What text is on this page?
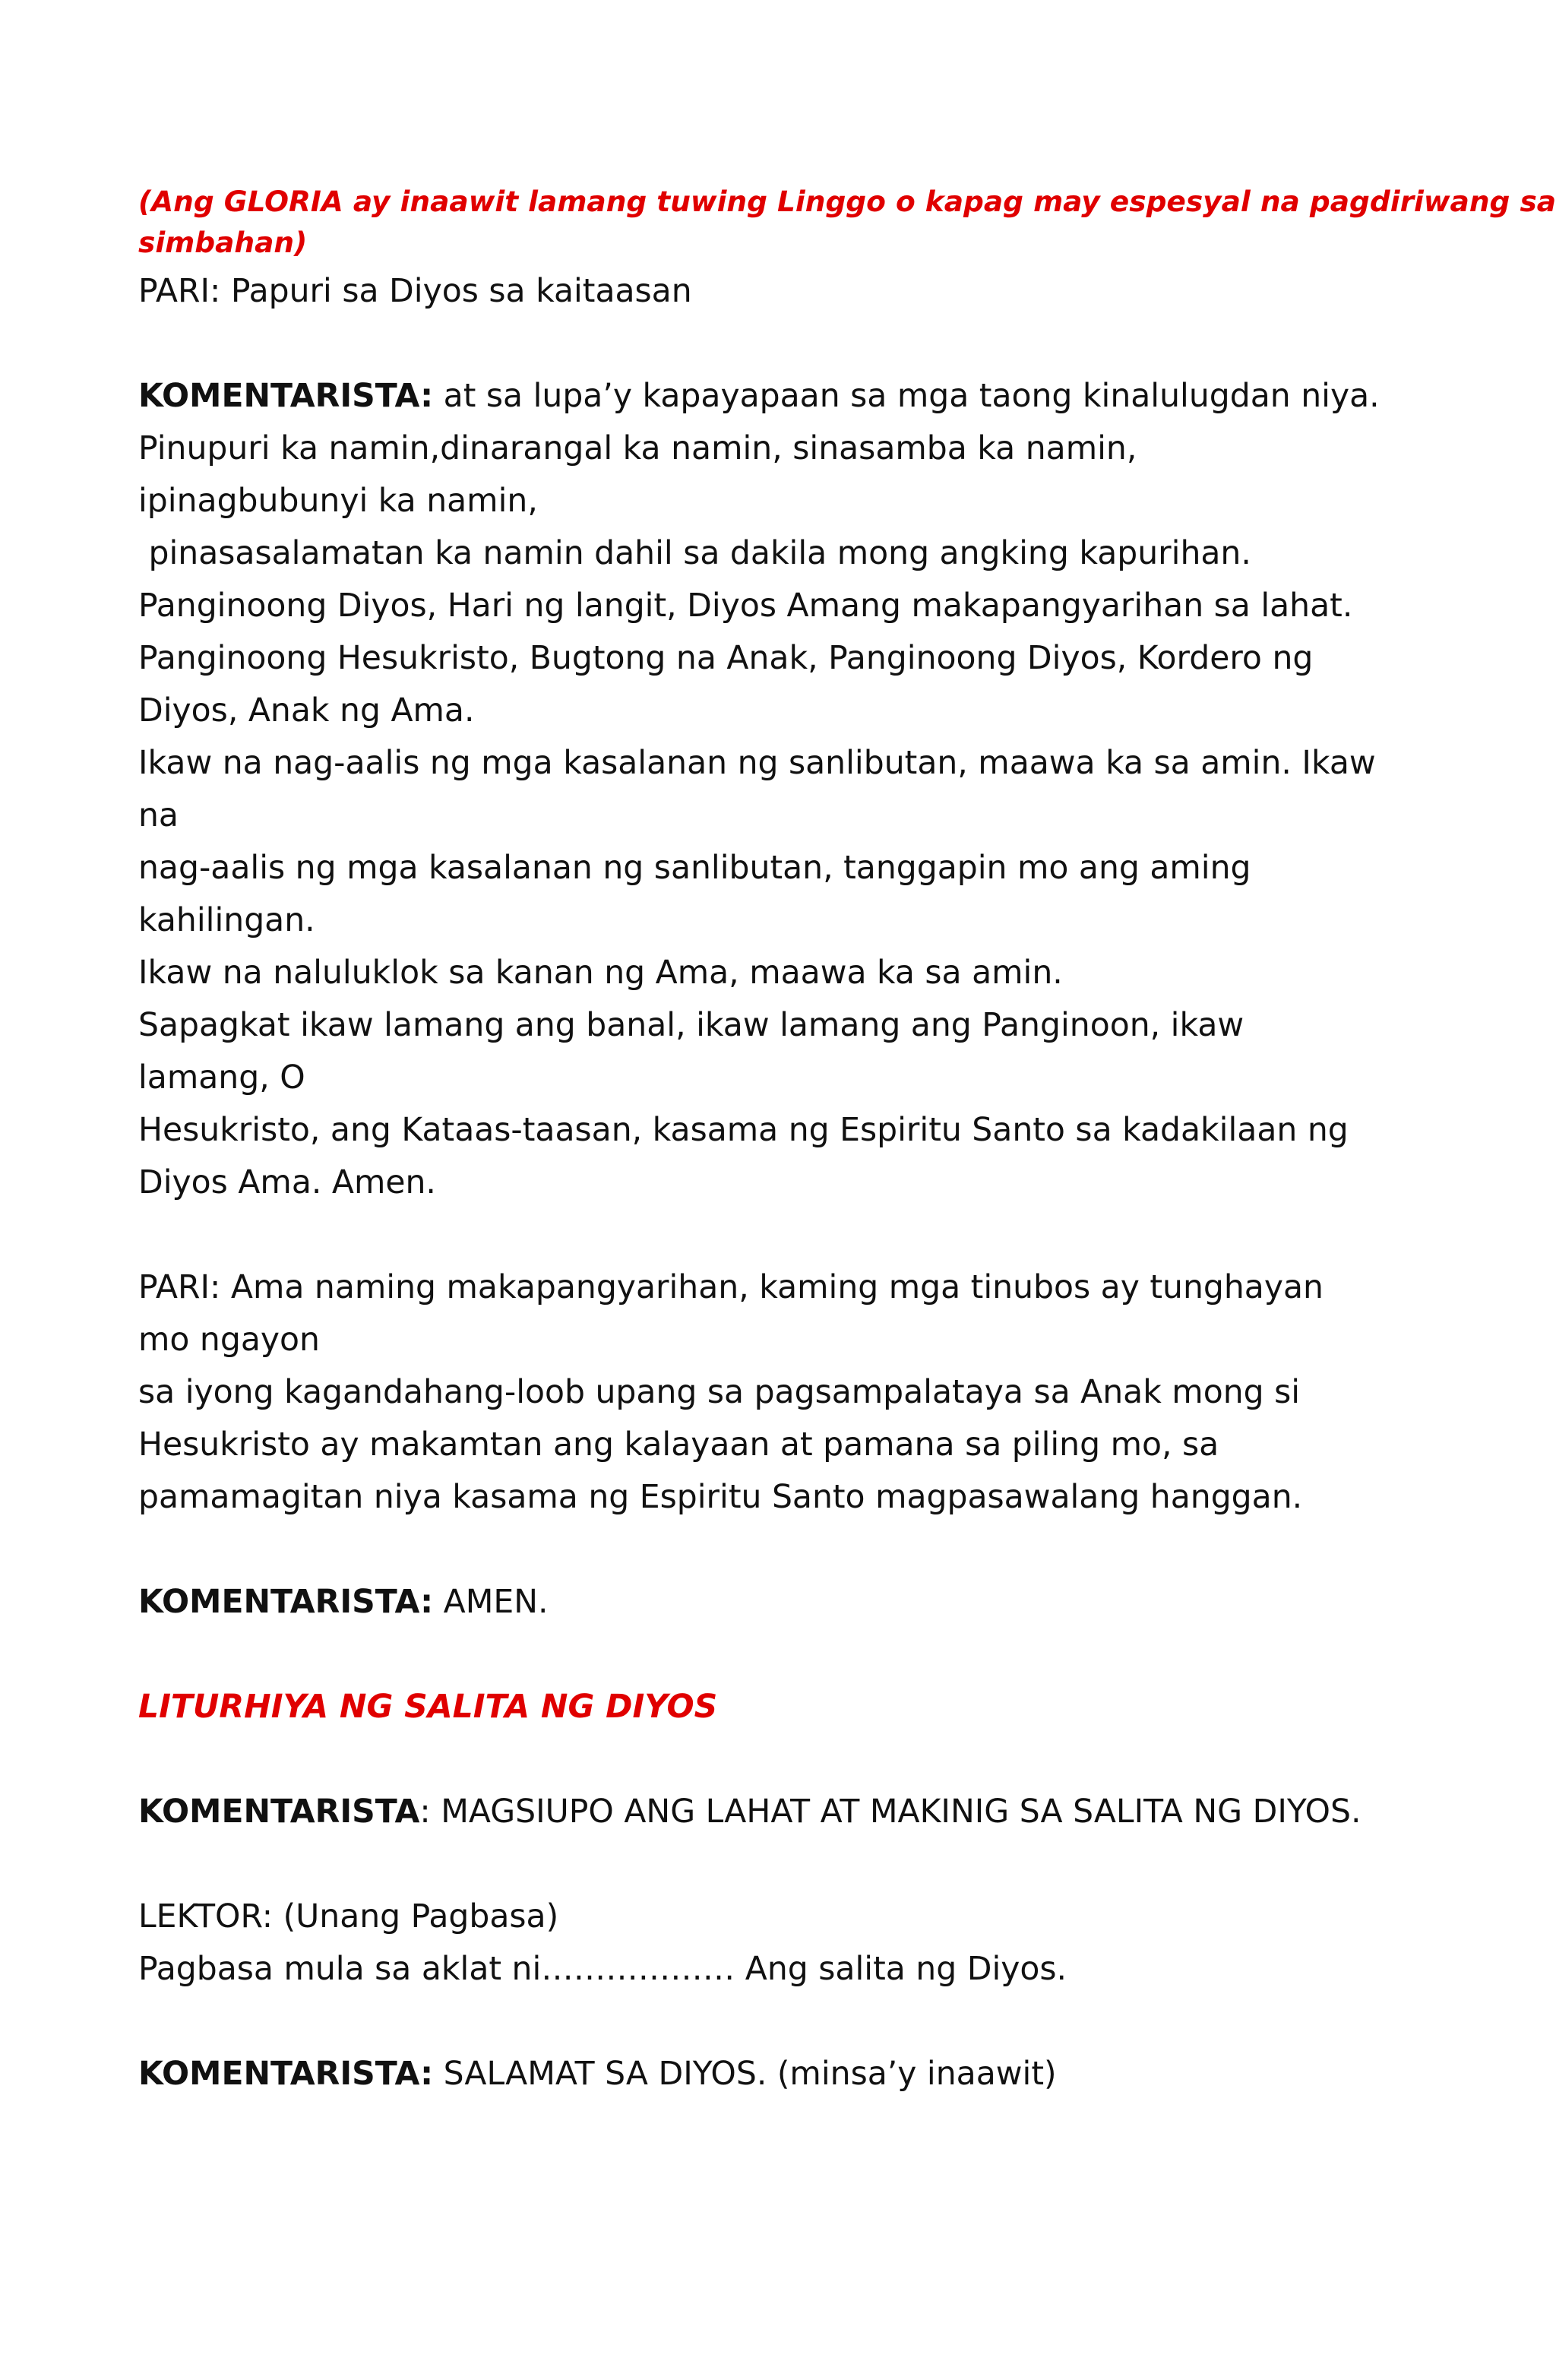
(Ang GLORIA ay inaawit lamang tuwing Linggo o kapag may espesyal na pagdiriwang sa
simbahan)
PARI: Papuri sa Diyos sa kaitaasan
KOMENTARISTA: at sa lupa’y kapayapaan sa mga taong kinalulugdan niya.
Pinupuri ka namin,dinarangal ka namin, sinasamba ka namin,
ipinagbubunyi ka namin,
pinasasalamatan ka namin dahil sa dakila mong angking kapurihan.
Panginoong Diyos, Hari ng langit, Diyos Amang makapangyarihan sa lahat.
Panginoong Hesukristo, Bugtong na Anak, Panginoong Diyos, Kordero ng
Diyos, Anak ng Ama.
Ikaw na nag-aalis ng mga kasalanan ng sanlibutan, maawa ka sa amin. Ikaw
na
nag-aalis ng mga kasalanan ng sanlibutan, tanggapin mo ang aming
kahilingan.
Ikaw na naluluklok sa kanan ng Ama, maawa ka sa amin.
Sapagkat ikaw lamang ang banal, ikaw lamang ang Panginoon, ikaw
lamang, O
Hesukristo, ang Kataas-taasan, kasama ng Espiritu Santo sa kadakilaan ng
Diyos Ama. Amen.
PARI: Ama naming makapangyarihan, kaming mga tinubos ay tunghayan
mo ngayon
sa iyong kagandahang-loob upang sa pagsampalataya sa Anak mong si
Hesukristo ay makamtan ang kalayaan at pamana sa piling mo, sa
pamamagitan niya kasama ng Espiritu Santo magpasawalang hanggan.
KOMENTARISTA: AMEN.
LITURHIYA NG SALITA NG DIYOS
KOMENTARISTA: MAGSIUPO ANG LAHAT AT MAKINIG SA SALITA NG DIYOS.
LEKTOR: (Unang Pagbasa)
Pagbasa mula sa aklat ni……………… Ang salita ng Diyos.
KOMENTARISTA: SALAMAT SA DIYOS. (minsa’y inaawit)
